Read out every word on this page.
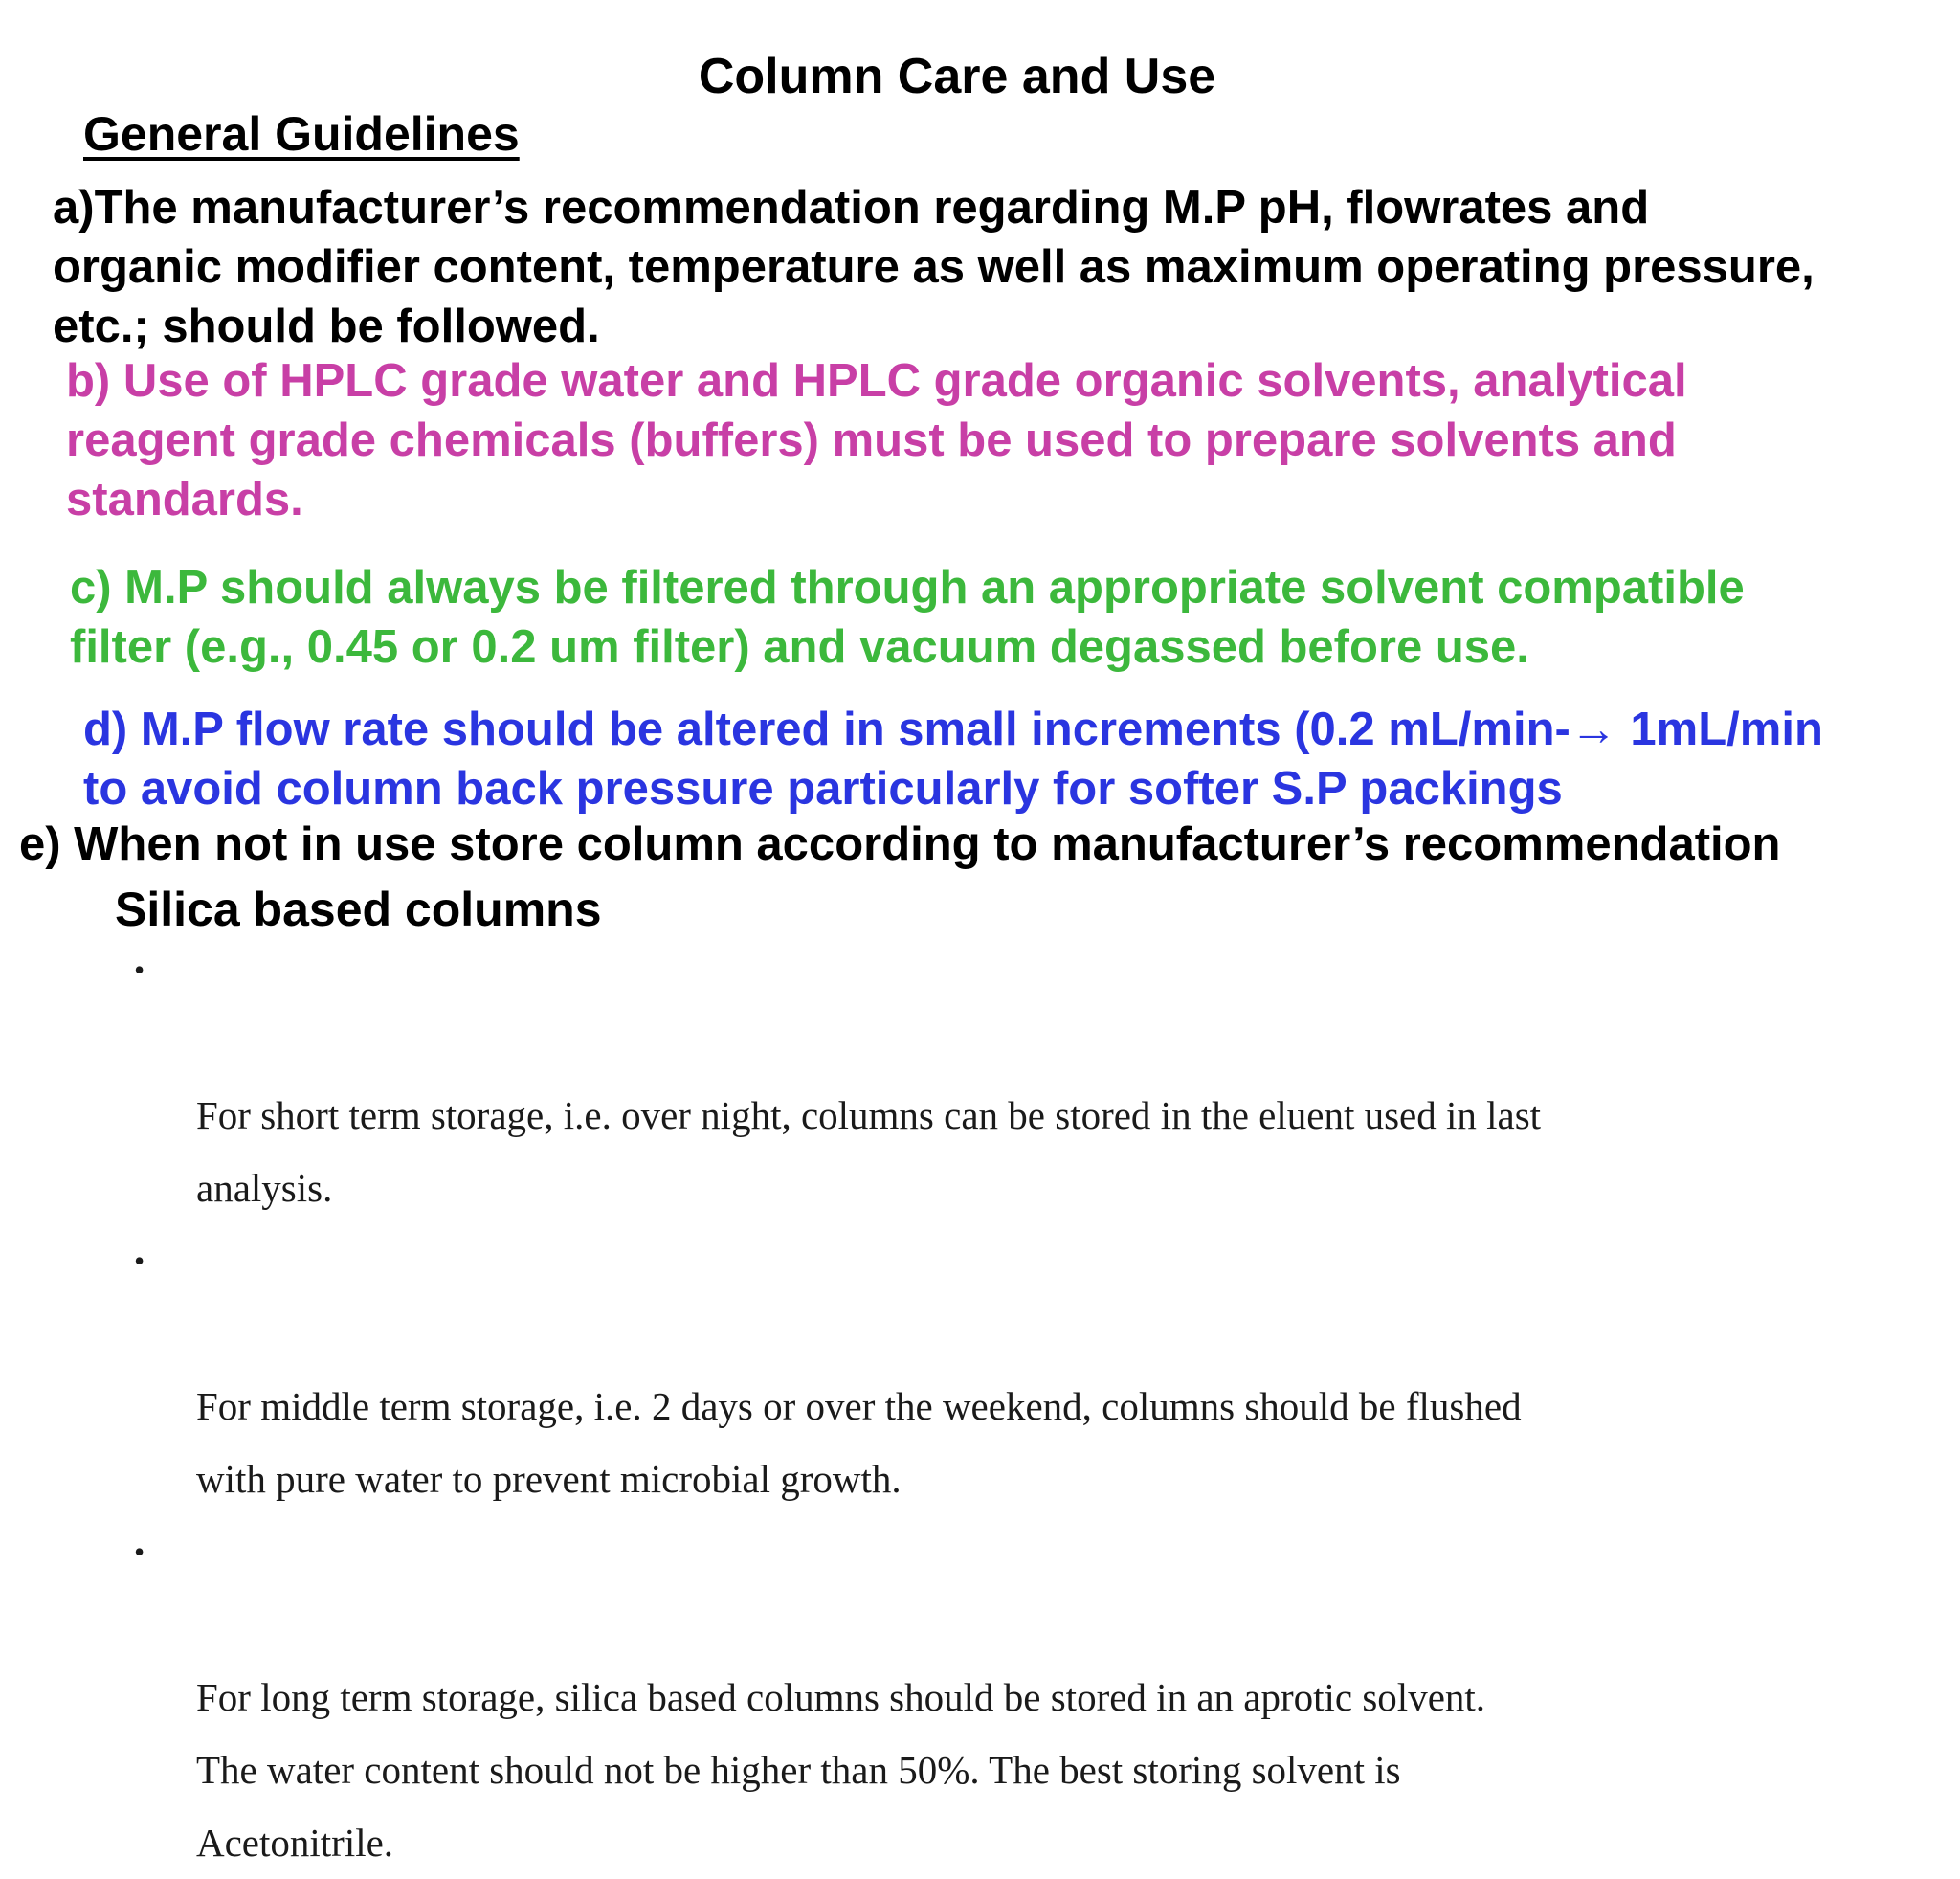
Column Care and Use
General Guidelines

a)The manufacturer’s recommendation regarding M.P pH, flowrates and
organic modifier content, temperature as well as maximum operating pressure,
etc.; should be followed.

b) Use of HPLC grade water and HPLC grade organic solvents, analytical
reagent grade chemicals (buffers) must be used to prepare solvents and
standards.

c) M.P should always be filtered through an appropriate solvent compatible
filter (e.g., 0.45 or 0.2 um filter) and vacuum degassed before use.

d) M.P flow rate should be altered in small increments (0.2 mL/min-→ 1mL/min
to avoid column back pressure particularly for softer S.P packings

e) When not in use store column according to manufacturer’s recommendation

Silica based columns

•

For short term storage, i.e. over night, columns can be stored in the eluent used in last
analysis.

•

For middle term storage, i.e. 2 days or over the weekend, columns should be flushed
with pure water to prevent microbial growth.

•

For long term storage, silica based columns should be stored in an aprotic solvent.
The water content should not be higher than 50%. The best storing solvent is
Acetonitrile.
